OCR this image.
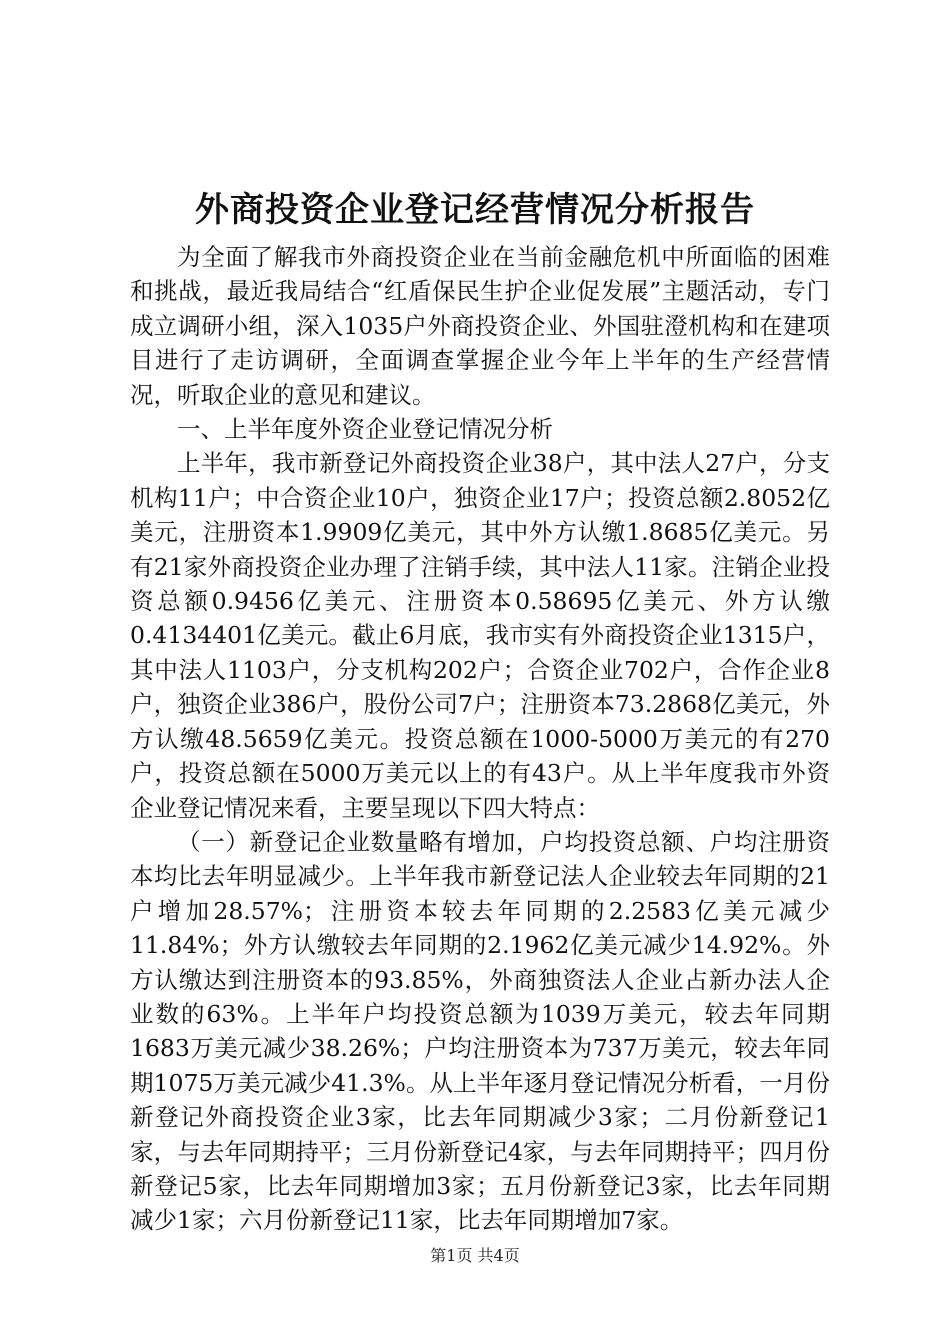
外商投资企业登记经营情况分析报告

为全面了解我市外商投资企业在当前金融危机中所面临的困难和挑战，最近我局结合“红盾保民生护企业促发展”主题活动，专门成立调研小组，深入1035户外商投资企业、外国驻澄机构和在建项目进行了走访调研，全面调查掌握企业今年上半年的生产经营情况，听取企业的意见和建议。

一、上半年度外资企业登记情况分析

上半年，我市新登记外商投资企业38户，其中法人27户，分支机构11户；中合资企业10户，独资企业17户；投资总额2.8052亿美元，注册资本1.9909亿美元，其中外方认缴1.8685亿美元。另有21家外商投资企业办理了注销手续，其中法人11家。注销企业投资总额0.9456亿美元、注册资本0.58695亿美元、外方认缴0.4134401亿美元。截止6月底，我市实有外商投资企业1315户，其中法人1103户，分支机构202户；合资企业702户，合作企业8户，独资企业386户，股份公司7户；注册资本73.2868亿美元，外方认缴48.5659亿美元。投资总额在1000-5000万美元的有270户，投资总额在5000万美元以上的有43户。从上半年度我市外资企业登记情况来看，主要呈现以下四大特点：

（一）新登记企业数量略有增加，户均投资总额、户均注册资本均比去年明显减少。上半年我市新登记法人企业较去年同期的21户增加28.57%；注册资本较去年同期的2.2583亿美元减少11.84%；外方认缴较去年同期的2.1962亿美元减少14.92%。外方认缴达到注册资本的93.85%，外商独资法人企业占新办法人企业数的63%。上半年户均投资总额为1039万美元，较去年同期1683万美元减少38.26%；户均注册资本为737万美元，较去年同期1075万美元减少41.3%。从上半年逐月登记情况分析看，一月份新登记外商投资企业3家，比去年同期减少3家；二月份新登记1家，与去年同期持平；三月份新登记4家，与去年同期持平；四月份新登记5家，比去年同期增加3家；五月份新登记3家，比去年同期减少1家；六月份新登记11家，比去年同期增加7家。

第1页 共4页
